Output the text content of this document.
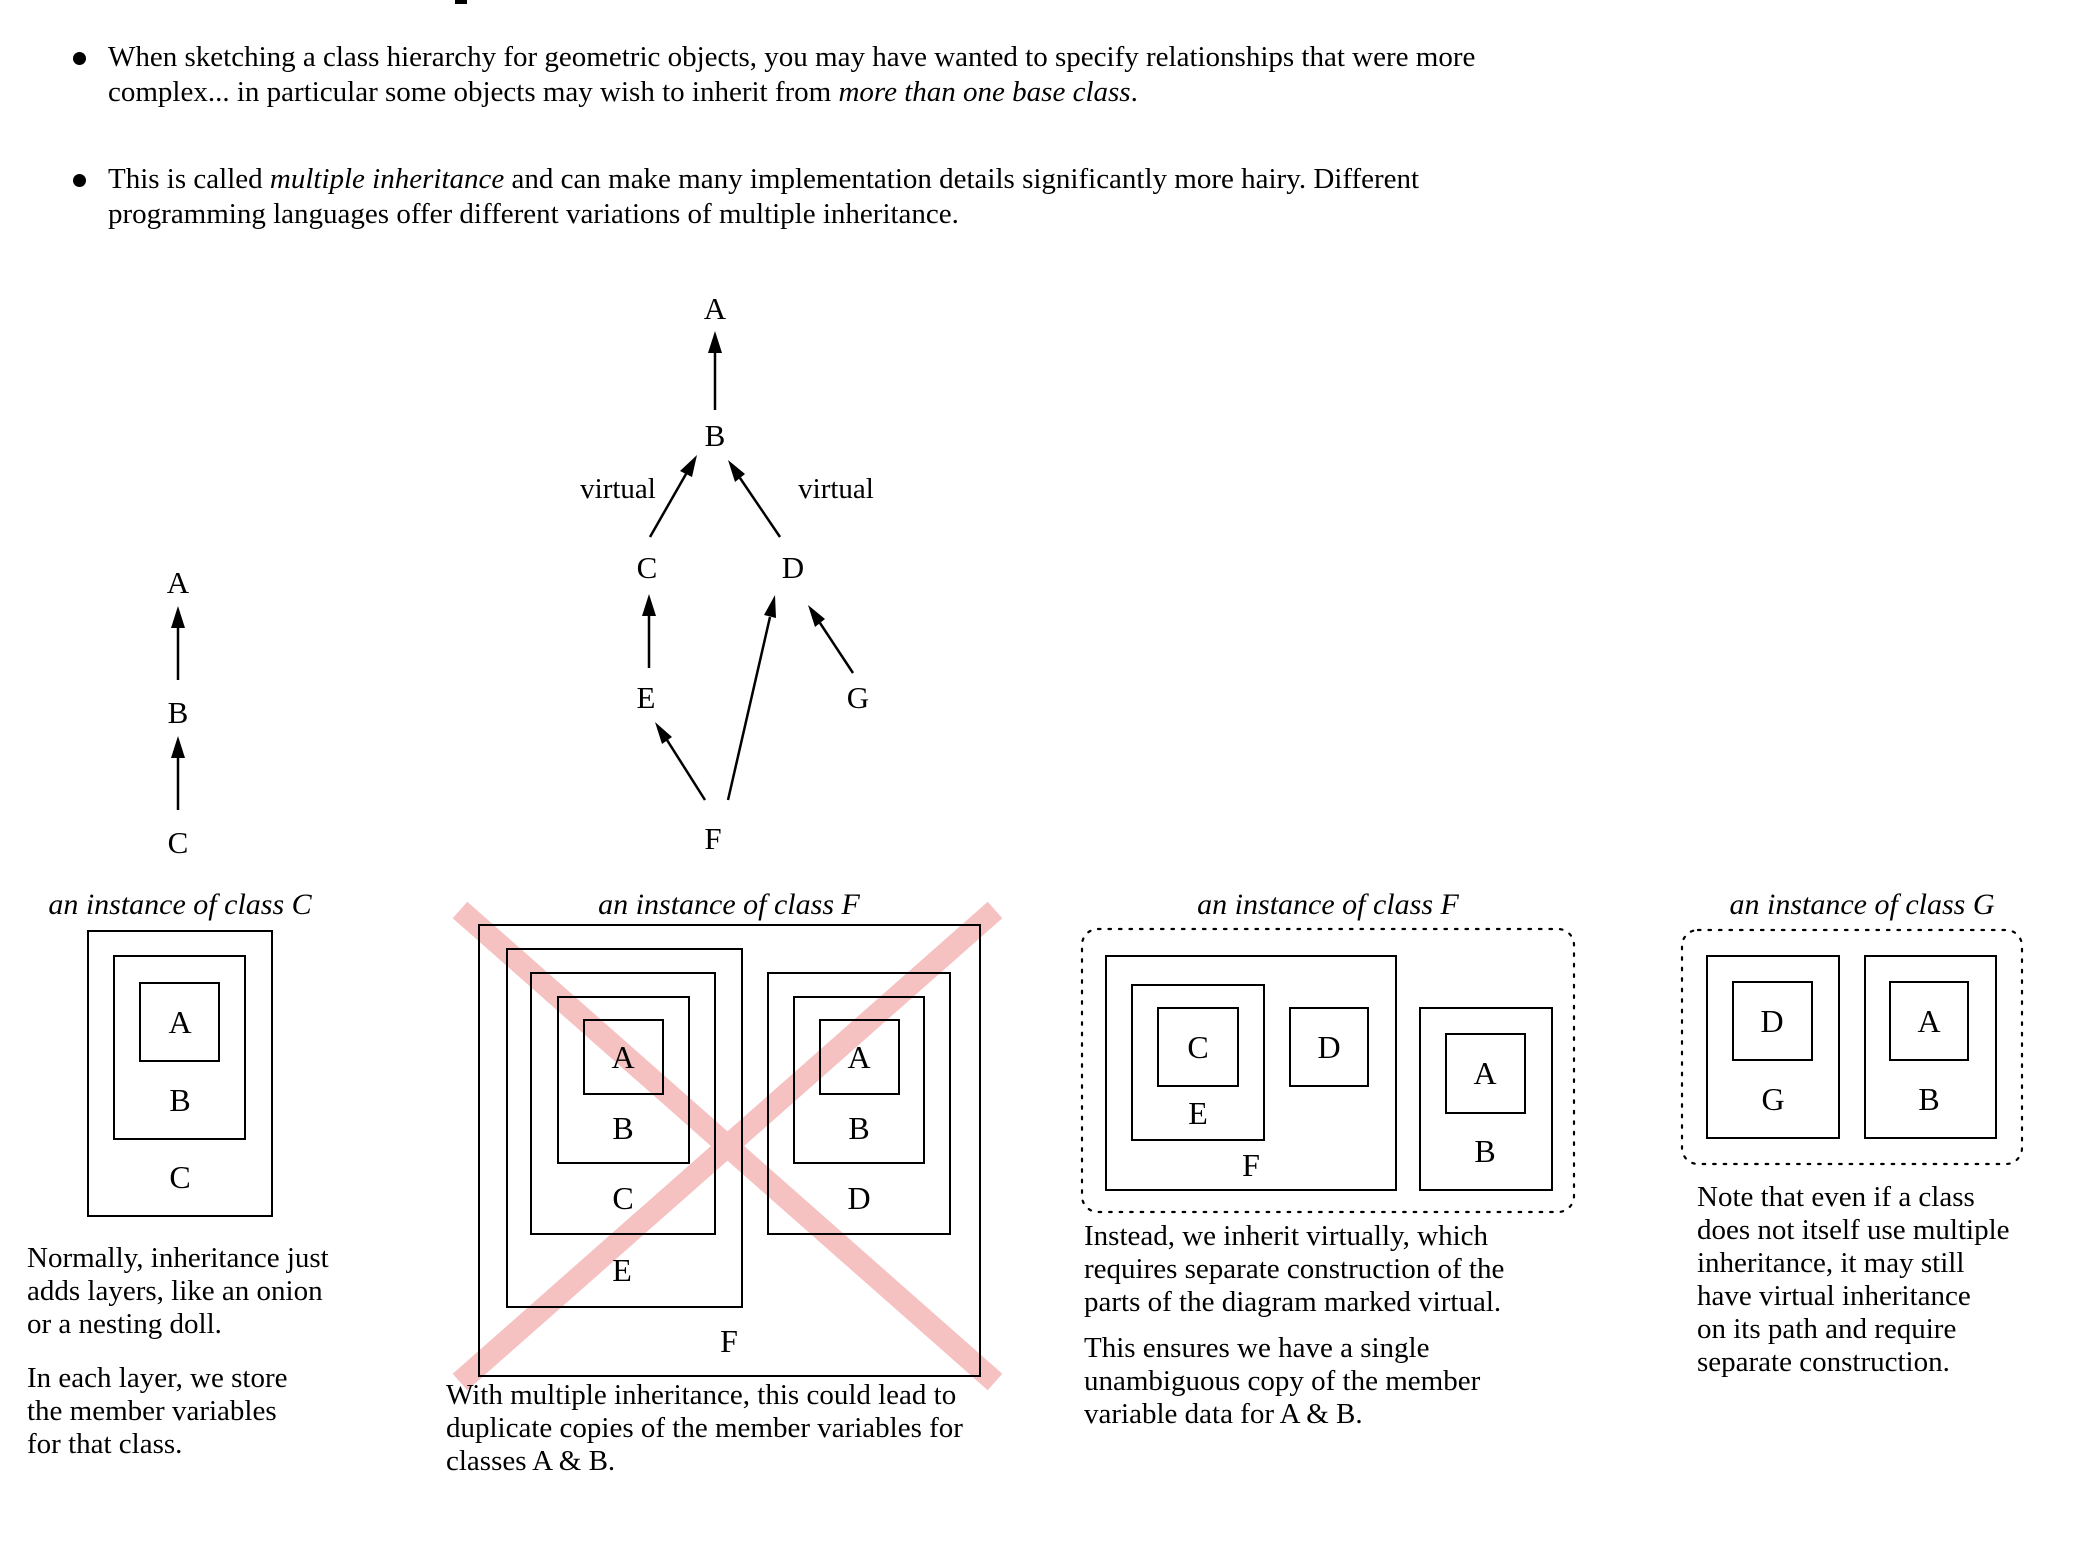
When sketching a class hierarchy for geometric objects, you may have wanted to specify relationships that were more complex... in particular some objects may wish to inherit from more than one base class.
This is called multiple inheritance and can make many implementation details significantly more hairy. Different programming languages offer different variations of multiple inheritance.
A
B
C
A
B
virtual	virtual
C	D
E	G
F
an instance of class C	an instance of class F	an instance of class F	an instance of class G
A
B
C
A
B
C
E
F
A
B
D
C	D
E
F
A
B
D
G
A
B

Normally, inheritance just
adds layers, like an onion
or a nesting doll.

In each layer, we store
the member variables
for that class.

With multiple inheritance, this could lead to
duplicate copies of the member variables for
classes A & B.

Instead, we inherit virtually, which
requires separate construction of the
parts of the diagram marked virtual.

This ensures we have a single
unambiguous copy of the member
variable data for A & B.

Note that even if a class
does not itself use multiple
inheritance, it may still
have virtual inheritance
on its path and require
separate construction.
